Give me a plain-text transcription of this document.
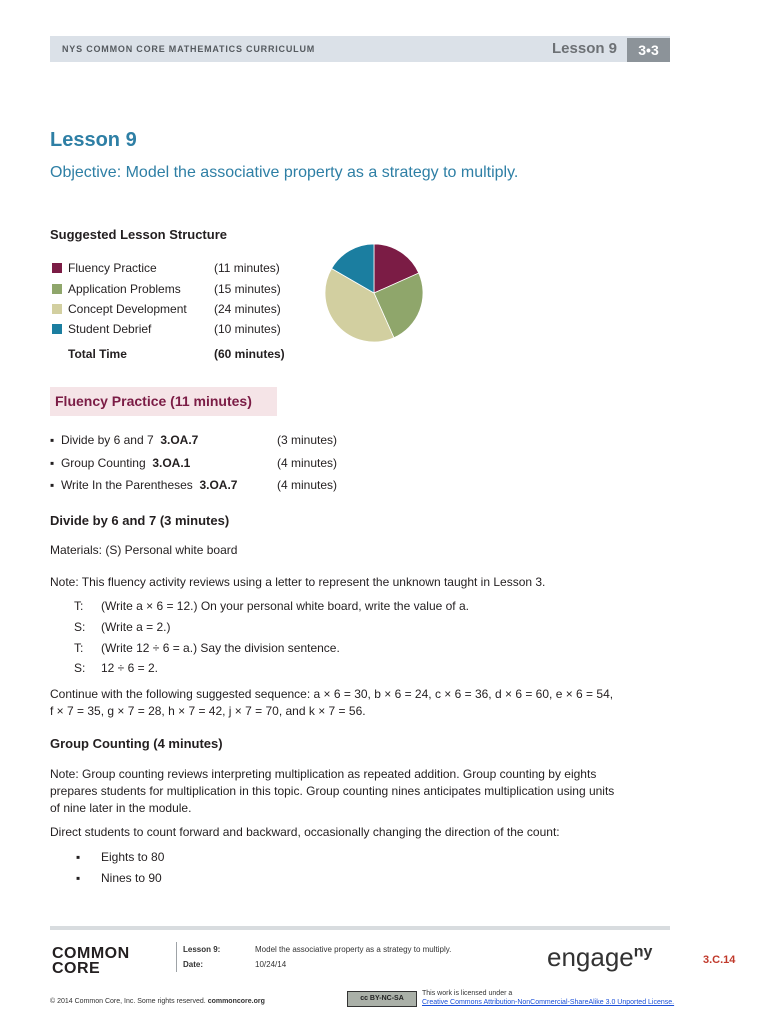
NYS COMMON CORE MATHEMATICS CURRICULUM	Lesson 9	3•3
Lesson 9
Objective: Model the associative property as a strategy to multiply.
Suggested Lesson Structure
Fluency Practice	(11 minutes)
Application Problems	(15 minutes)
Concept Development (24 minutes)
Student Debrief	(10 minutes)
Total Time	(60 minutes)
Fluency Practice (11 minutes)
▪ Divide by 6 and 7 3.OA.7	(3 minutes)
▪ Group Counting 3.OA.1	(4 minutes)
▪ Write In the Parentheses 3.OA.7	(4 minutes)
Divide by 6 and 7 (3 minutes)
Materials: (S) Personal white board
Note: This fluency activity reviews using a letter to represent the unknown taught in Lesson 3.
T: (Write a × 6 = 12.) On your personal white board, write the value of a.
S: (Write a = 2.)
T: (Write 12 ÷ 6 = a.) Say the division sentence.
S: 12 ÷ 6 = 2.
Continue with the following suggested sequence: a × 6 = 30, b × 6 = 24, c × 6 = 36, d × 6 = 60, e × 6 = 54,
f × 7 = 35, g × 7 = 28, h × 7 = 42, j × 7 = 70, and k × 7 = 56.
Group Counting (4 minutes)
Note: Group counting reviews interpreting multiplication as repeated addition. Group counting by eights
prepares students for multiplication in this topic. Group counting nines anticipates multiplication using units
of nine later in the module.
Direct students to count forward and backward, occasionally changing the direction of the count:
▪ Eights to 80
▪ Nines to 90
COMMON
CORE
Lesson 9:
Date:
Model the associative property as a strategy to multiply.
10/24/14	engage$^{ny}$	3.C.14
© 2014 Common Core, Inc. Some rights reserved. commoncore.org	cc BY-NC-SA
This work is licensed under a
Creative Commons Attribution-NonCommercial-ShareAlike 3.0 Unported License.
